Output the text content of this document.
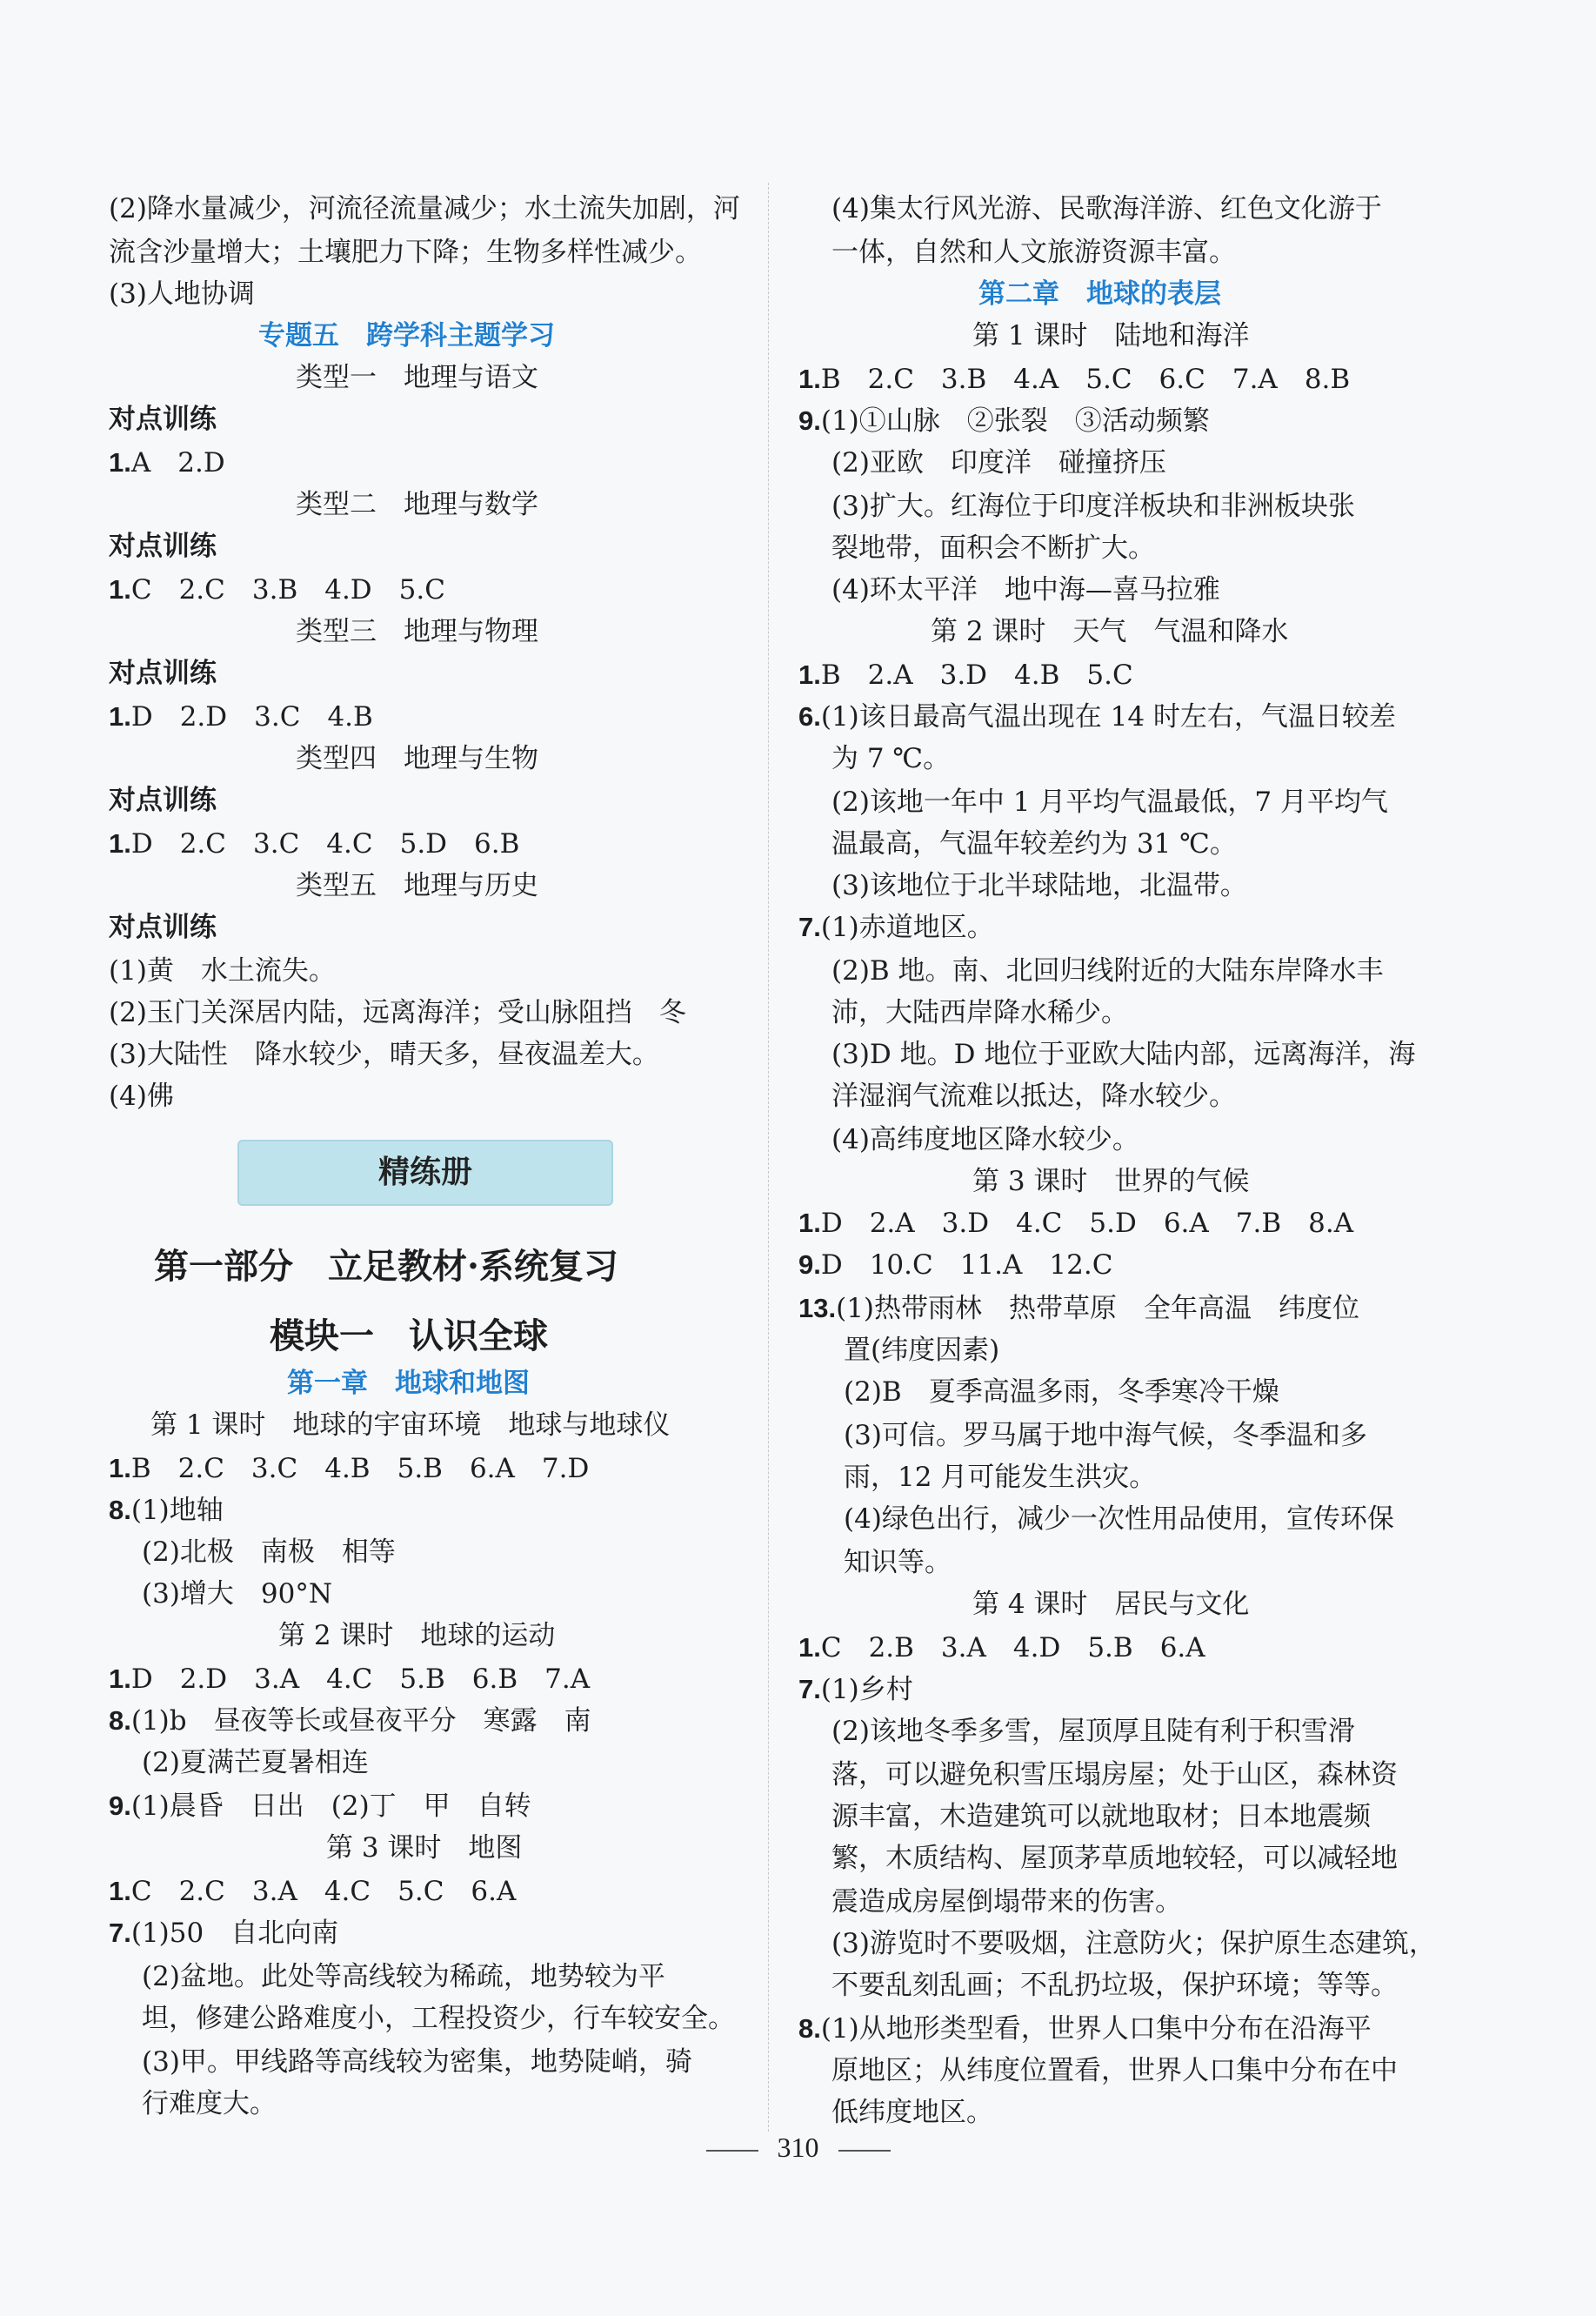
(2)降水量减少，河流径流量减少；水土流失加剧，河
流含沙量增大；土壤肥力下降；生物多样性减少。
(3)人地协调
专题五　跨学科主题学习
类型一　地理与语文
对点训练
1.A　2.D
类型二　地理与数学
对点训练
1.C　2.C　3.B　4.D　5.C
类型三　地理与物理
对点训练
1.D　2.D　3.C　4.B
类型四　地理与生物
对点训练
1.D　2.C　3.C　4.C　5.D　6.B
类型五　地理与历史
对点训练
(1)黄　水土流失。
(2)玉门关深居内陆，远离海洋；受山脉阻挡　冬
(3)大陆性　降水较少，晴天多，昼夜温差大。
(4)佛
第一部分　立足教材·系统复习
模块一　认识全球
第一章　地球和地图
第 1 课时　地球的宇宙环境　地球与地球仪
1.B　2.C　3.C　4.B　5.B　6.A　7.D
8.(1)地轴
(2)北极　南极　相等
(3)增大　90°N
第 2 课时　地球的运动
1.D　2.D　3.A　4.C　5.B　6.B　7.A
8.(1)b　昼夜等长或昼夜平分　寒露　南
(2)夏满芒夏暑相连
9.(1)晨昏　日出　(2)丁　甲　自转
第 3 课时　地图
1.C　2.C　3.A　4.C　5.C　6.A
7.(1)50　自北向南
(2)盆地。此处等高线较为稀疏，地势较为平
坦，修建公路难度小，工程投资少，行车较安全。
(3)甲。甲线路等高线较为密集，地势陡峭，骑
行难度大。
(4)集太行风光游、民歌海洋游、红色文化游于
一体，自然和人文旅游资源丰富。
第二章　地球的表层
第 1 课时　陆地和海洋
1.B　2.C　3.B　4.A　5.C　6.C　7.A　8.B
9.(1)①山脉　②张裂　③活动频繁
(2)亚欧　印度洋　碰撞挤压
(3)扩大。红海位于印度洋板块和非洲板块张
裂地带，面积会不断扩大。
(4)环太平洋　地中海—喜马拉雅
第 2 课时　天气　气温和降水
1.B　2.A　3.D　4.B　5.C
6.(1)该日最高气温出现在 14 时左右，气温日较差
为 7 ℃。
(2)该地一年中 1 月平均气温最低，7 月平均气
温最高，气温年较差约为 31 ℃。
(3)该地位于北半球陆地，北温带。
7.(1)赤道地区。
(2)B 地。南、北回归线附近的大陆东岸降水丰
沛，大陆西岸降水稀少。
(3)D 地。D 地位于亚欧大陆内部，远离海洋，海
洋湿润气流难以抵达，降水较少。
(4)高纬度地区降水较少。
第 3 课时　世界的气候
1.D　2.A　3.D　4.C　5.D　6.A　7.B　8.A
9.D　10.C　11.A　12.C
13.(1)热带雨林　热带草原　全年高温　纬度位
置(纬度因素)
(2)B　夏季高温多雨，冬季寒冷干燥
(3)可信。罗马属于地中海气候，冬季温和多
雨，12 月可能发生洪灾。
(4)绿色出行，减少一次性用品使用，宣传环保
知识等。
第 4 课时　居民与文化
1.C　2.B　3.A　4.D　5.B　6.A
7.(1)乡村
(2)该地冬季多雪，屋顶厚且陡有利于积雪滑
落，可以避免积雪压塌房屋；处于山区，森林资
源丰富，木造建筑可以就地取材；日本地震频
繁，木质结构、屋顶茅草质地较轻，可以减轻地
震造成房屋倒塌带来的伤害。
(3)游览时不要吸烟，注意防火；保护原生态建筑，
不要乱刻乱画；不乱扔垃圾，保护环境；等等。
8.(1)从地形类型看，世界人口集中分布在沿海平
原地区；从纬度位置看，世界人口集中分布在中
低纬度地区。
精练册
310
